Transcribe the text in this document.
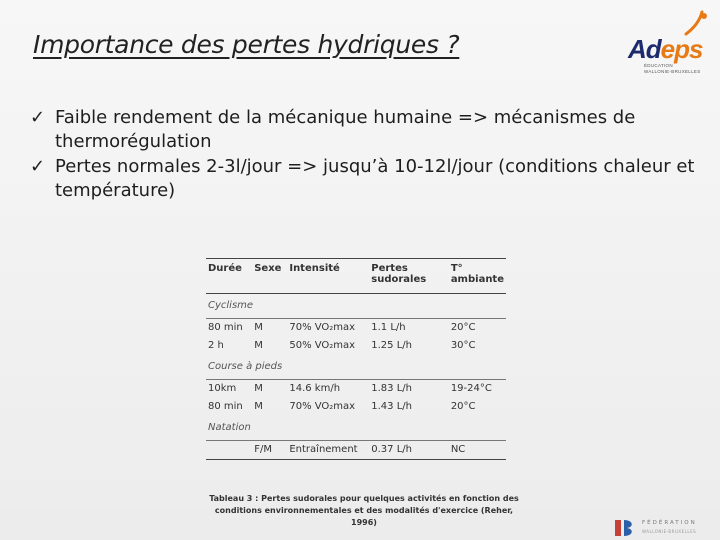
Importance des pertes hydriques ?	Adeps
ÉDUCATION
WALLONIE-BRUXELLES
✓ Faible rendement de la mécanique humaine => mécanismes de thermorégulation
✓ Pertes normales 2-3l/jour => jusqu’à 10-12l/jour (conditions chaleur et température)
Durée	Sexe	Intensité	Pertes sudorales	T° ambiante
Cyclisme				
80 min	M	70% VO₂max	1.1 L/h	20°C
2 h	M	50% VO₂max	1.25 L/h	30°C
Course à pieds				
10km	M	14.6 km/h	1.83 L/h	19-24°C
80 min	M	70% VO₂max	1.43 L/h	20°C
Natation				
	F/M	Entraînement	0.37 L/h	NC
Tableau 3 : Pertes sudorales pour quelques activités en fonction des conditions environnementales et des modalités d'exercice (Reher, 1996)	FÉDÉRATION
WALLONIE-BRUXELLES
